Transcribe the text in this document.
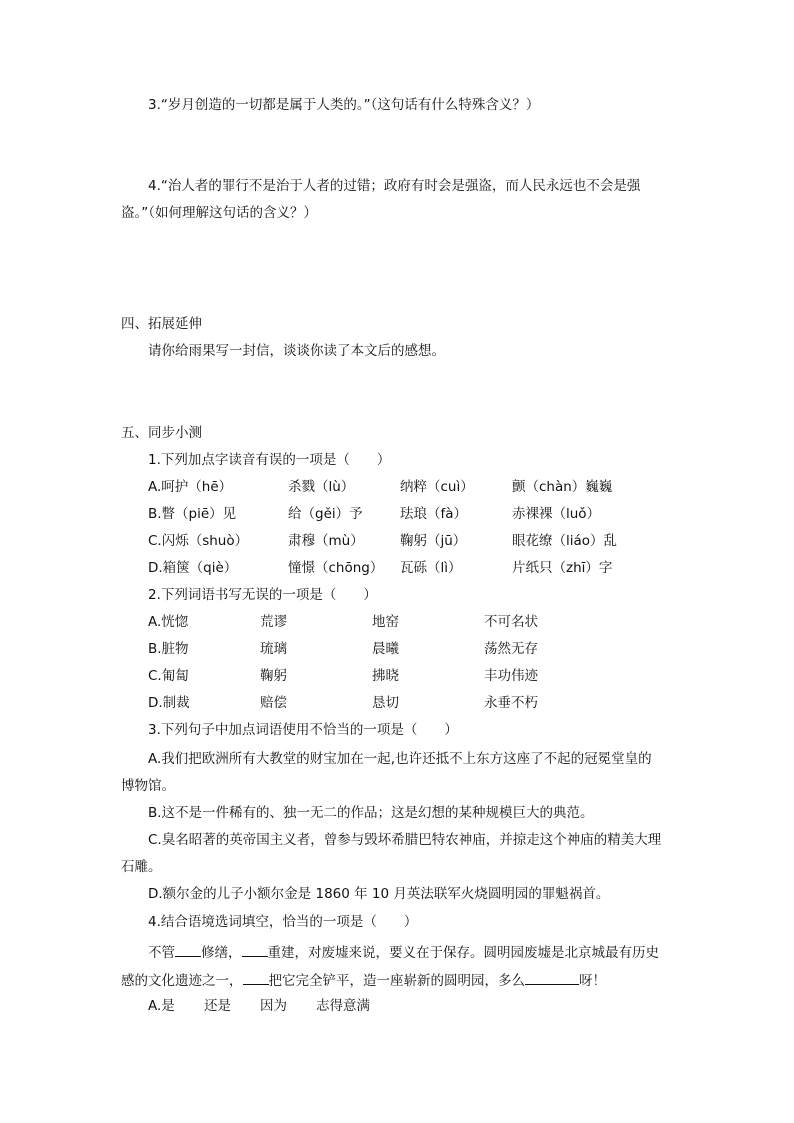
3.“岁月创造的一切都是属于人类的。”（这句话有什么特殊含义？）
4.“治人者的罪行不是治于人者的过错；政府有时会是强盗，而人民永远也不会是强
盗。”（如何理解这句话的含义？）
四、拓展延伸
请你给雨果写一封信，谈谈你读了本文后的感想。
五、同步小测
1.下列加点字读音有误的一项是（　　）
A.呵护（hē）	杀戮（lù）	纳粹（cuì）	颤（chàn）巍巍
B.瞥（piē）见	给（gěi）予	珐琅（fà）	赤裸裸（luǒ）
C.闪烁（shuò）	肃穆（mù）	鞠躬（jū）	眼花缭（liáo）乱
D.箱箧（qiè）	憧憬（chōng） 瓦砾（lì）	片纸只（zhī）字
2.下列词语书写无误的一项是（　　）
A.恍惚	荒谬	地窑	不可名状
B.脏物	琉璃	晨曦	荡然无存
C.匍匐	鞠躬	拂晓	丰功伟迹
D.制裁	赔偿	恳切	永垂不朽
3.下列句子中加点词语使用不恰当的一项是（　　）
A.我们把欧洲所有大教堂的财宝加在一起,也许还抵不上东方这座了不起的冠冕堂皇的
博物馆。
B.这不是一件稀有的、独一无二的作品；这是幻想的某种规模巨大的典范。
C.臭名昭著的英帝国主义者，曾参与毁坏希腊巴特农神庙，并掠走这个神庙的精美大理
石雕。
D.额尔金的儿子小额尔金是 1860 年 10 月英法联军火烧圆明园的罪魁祸首。
4.结合语境选词填空，恰当的一项是（　　）
不管 修缮， 重建，对废墟来说，要义在于保存。圆明园废墟是北京城最有历史
感的文化遗迹之一， 把它完全铲平，造一座崭新的圆明园，多么	呀！
A.是 还是 因为 志得意满
